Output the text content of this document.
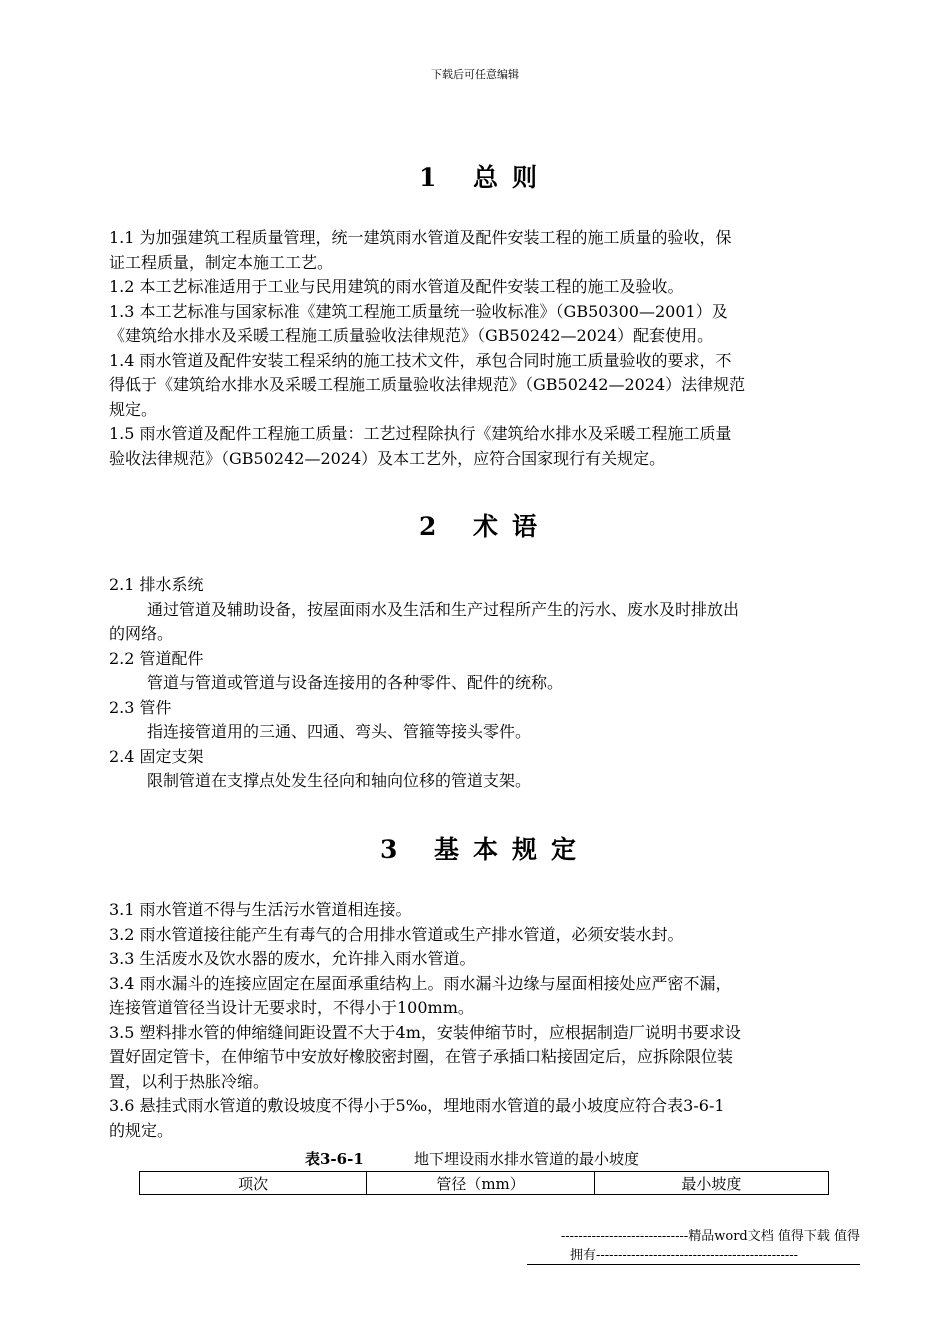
下载后可任意编辑
1 总则
1.1 为加强建筑工程质量管理，统一建筑雨水管道及配件安装工程的施工质量的验收，保
证工程质量，制定本施工工艺。
1.2 本工艺标准适用于工业与民用建筑的雨水管道及配件安装工程的施工及验收。
1.3 本工艺标准与国家标准《建筑工程施工质量统一验收标准》（GB50300—2001）及
《建筑给水排水及采暖工程施工质量验收法律规范》（GB50242—2024）配套使用。
1.4 雨水管道及配件安装工程采纳的施工技术文件，承包合同时施工质量验收的要求，不
得低于《建筑给水排水及采暖工程施工质量验收法律规范》（GB50242—2024）法律规范
规定。
1.5 雨水管道及配件工程施工质量：工艺过程除执行《建筑给水排水及采暖工程施工质量
验收法律规范》（GB50242—2024）及本工艺外，应符合国家现行有关规定。
2 术语
2.1 排水系统
通过管道及辅助设备，按屋面雨水及生活和生产过程所产生的污水、废水及时排放出
的网络。
2.2 管道配件
管道与管道或管道与设备连接用的各种零件、配件的统称。
2.3 管件
指连接管道用的三通、四通、弯头、管箍等接头零件。
2.4 固定支架
限制管道在支撑点处发生径向和轴向位移的管道支架。
3 基本规定
3.1 雨水管道不得与生活污水管道相连接。
3.2 雨水管道接往能产生有毒气的合用排水管道或生产排水管道，必须安装水封。
3.3 生活废水及饮水器的废水，允许排入雨水管道。
3.4 雨水漏斗的连接应固定在屋面承重结构上。雨水漏斗边缘与屋面相接处应严密不漏，
连接管道管径当设计无要求时，不得小于100mm。
3.5 塑料排水管的伸缩缝间距设置不大于4m，安装伸缩节时，应根据制造厂说明书要求设
置好固定管卡，在伸缩节中安放好橡胶密封圈，在管子承插口粘接固定后，应拆除限位装
置，以利于热胀冷缩。
3.6 悬挂式雨水管道的敷设坡度不得小于5‰，埋地雨水管道的最小坡度应符合表3-6-1
的规定。
表3-6-1	地下埋设雨水排水管道的最小坡度
项次	管径（mm）	最小坡度
-----------------------------精品word文档 值得下载 值得
拥有----------------------------------------------
